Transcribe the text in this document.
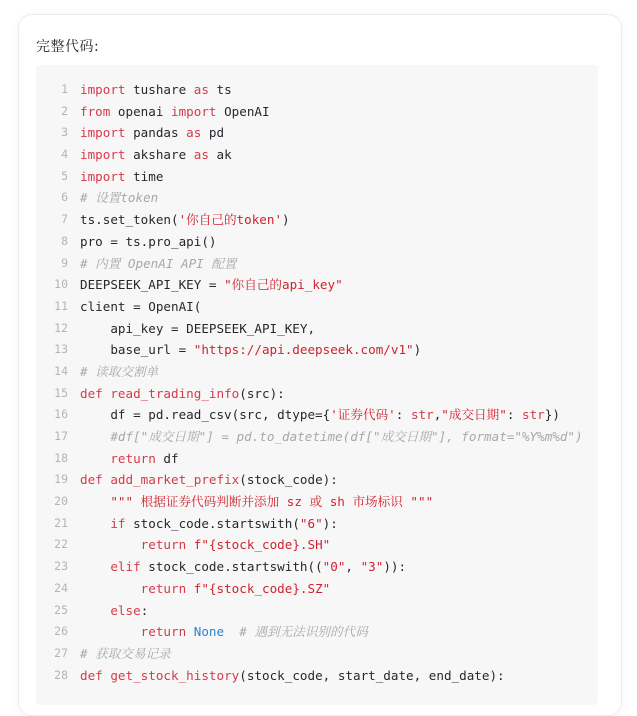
完整代码:
1 import tushare as ts
2 from openai import OpenAI
3 import pandas as pd
4 import akshare as ak
5 import time
6 # 设置token
7 ts.set_token('你自己的token')
8 pro = ts.pro_api()
9 # 内置 OpenAI API 配置
10 DEEPSEEK_API_KEY = "你自己的api_key"
11 client = OpenAI(
12 api_key = DEEPSEEK_API_KEY,
13 base_url = "https://api.deepseek.com/v1")
14 # 读取交割单
15 def read_trading_info(src):
16 df = pd.read_csv(src, dtype={'证券代码': str,"成交日期": str})
17 #df["成交日期"] = pd.to_datetime(df["成交日期"], format="%Y%m%d")
18	return df
19 def add_market_prefix(stock_code):
20	""" 根据证券代码判断并添加 sz 或 sh 市场标识 """
21	if stock_code.startswith("6"):
22	return f"{stock_code}.SH"
23	elif stock_code.startswith(("0", "3")):
24	return f"{stock_code}.SZ"
25	else:
26	return None # 遇到无法识别的代码
27 # 获取交易记录
28 def get_stock_history(stock_code, start_date, end_date):
